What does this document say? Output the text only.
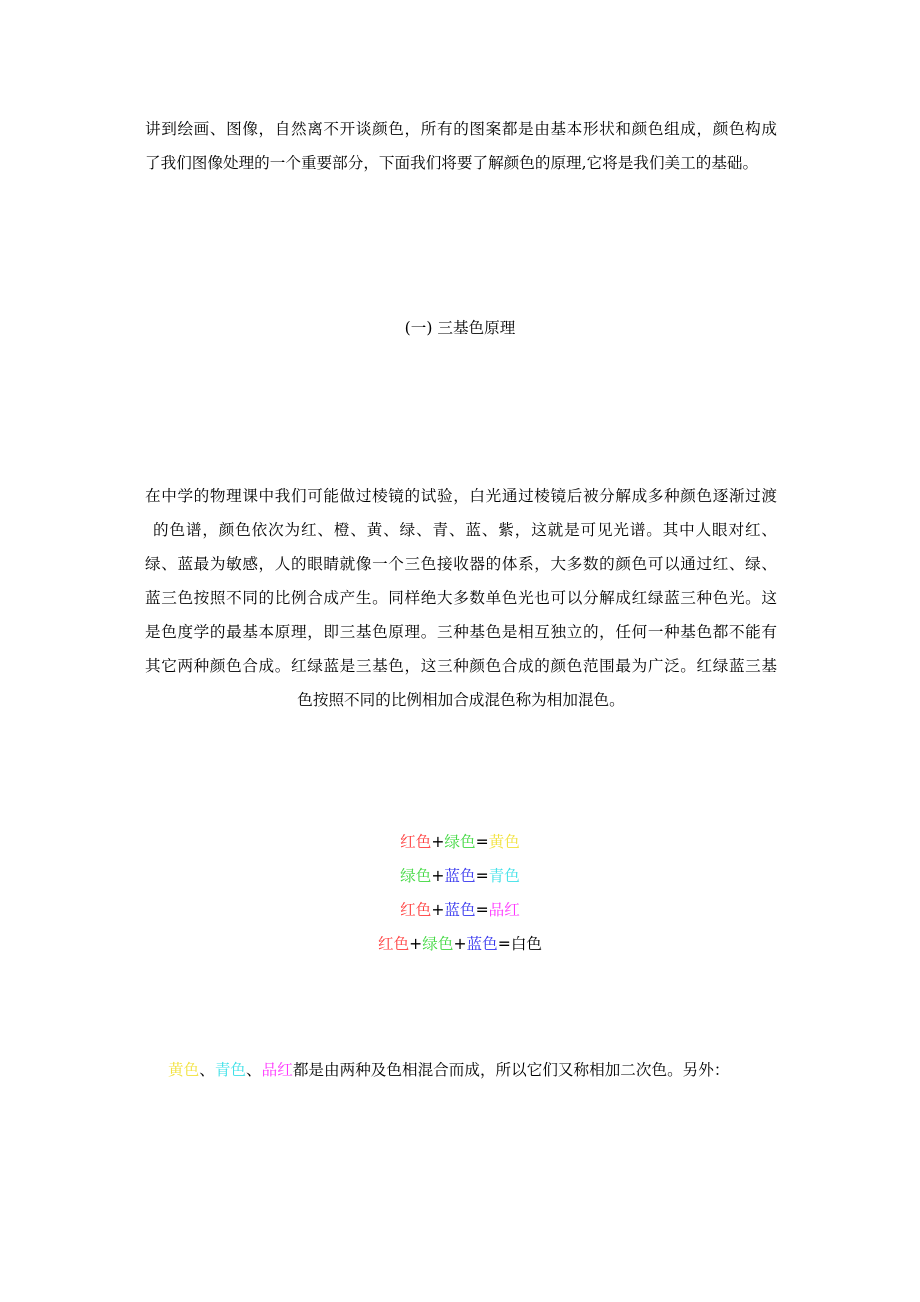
讲到绘画、图像，自然离不开谈颜色，所有的图案都是由基本形状和颜色组成，颜色构成
了我们图像处理的一个重要部分，下面我们将要了解颜色的原理,它将是我们美工的基础。

(一) 三基色原理

在中学的物理课中我们可能做过棱镜的试验，白光通过棱镜后被分解成多种颜色逐渐过渡
的色谱，颜色依次为红、橙、黄、绿、青、蓝、紫，这就是可见光谱。其中人眼对红、
绿、蓝最为敏感，人的眼睛就像一个三色接收器的体系，大多数的颜色可以通过红、绿、
蓝三色按照不同的比例合成产生。同样绝大多数单色光也可以分解成红绿蓝三种色光。这
是色度学的最基本原理，即三基色原理。三种基色是相互独立的，任何一种基色都不能有
其它两种颜色合成。红绿蓝是三基色，这三种颜色合成的颜色范围最为广泛。红绿蓝三基
色按照不同的比例相加合成混色称为相加混色。

红色+绿色=黄色
绿色+蓝色=青色
红色+蓝色=品红
红色+绿色+蓝色=白色

黄色、青色、品红都是由两种及色相混合而成，所以它们又称相加二次色。另外：
